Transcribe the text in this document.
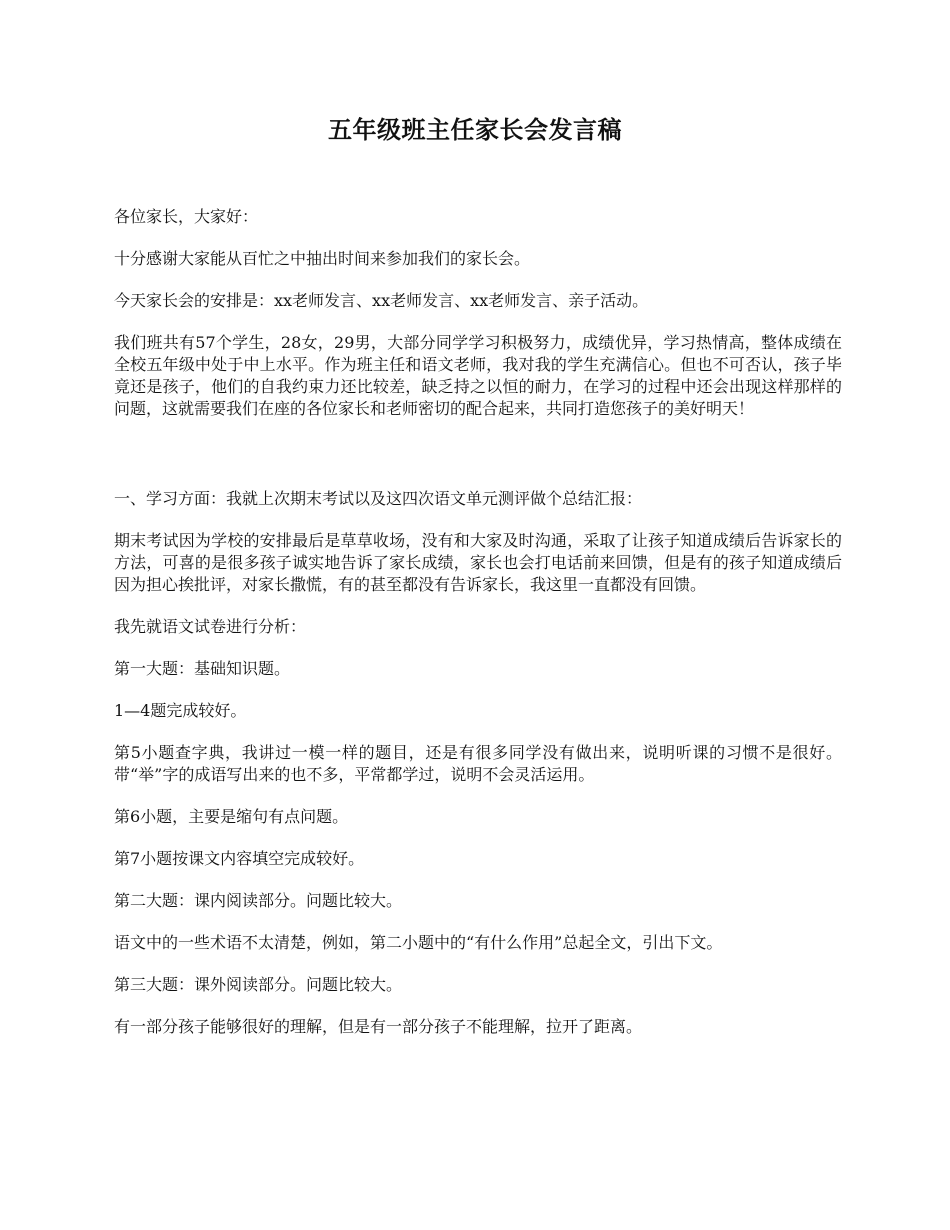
五年级班主任家长会发言稿

各位家长，大家好：

十分感谢大家能从百忙之中抽出时间来参加我们的家长会。

今天家长会的安排是：xx老师发言、xx老师发言、xx老师发言、亲子活动。

我们班共有57个学生，28女，29男，大部分同学学习积极努力，成绩优异，学习热情高，整体成绩在全校五年级中处于中上水平。作为班主任和语文老师，我对我的学生充满信心。但也不可否认，孩子毕竟还是孩子，他们的自我约束力还比较差，缺乏持之以恒的耐力，在学习的过程中还会出现这样那样的问题，这就需要我们在座的各位家长和老师密切的配合起来，共同打造您孩子的美好明天！

一、学习方面：我就上次期末考试以及这四次语文单元测评做个总结汇报：

期末考试因为学校的安排最后是草草收场，没有和大家及时沟通，采取了让孩子知道成绩后告诉家长的方法，可喜的是很多孩子诚实地告诉了家长成绩，家长也会打电话前来回馈，但是有的孩子知道成绩后因为担心挨批评，对家长撒慌，有的甚至都没有告诉家长，我这里一直都没有回馈。

我先就语文试卷进行分析：

第一大题：基础知识题。

1—4题完成较好。

第5小题查字典，我讲过一模一样的题目，还是有很多同学没有做出来，说明听课的习惯不是很好。带“举”字的成语写出来的也不多，平常都学过，说明不会灵活运用。

第6小题，主要是缩句有点问题。

第7小题按课文内容填空完成较好。

第二大题：课内阅读部分。问题比较大。

语文中的一些术语不太清楚，例如，第二小题中的“有什么作用”总起全文，引出下文。

第三大题：课外阅读部分。问题比较大。

有一部分孩子能够很好的理解，但是有一部分孩子不能理解，拉开了距离。
